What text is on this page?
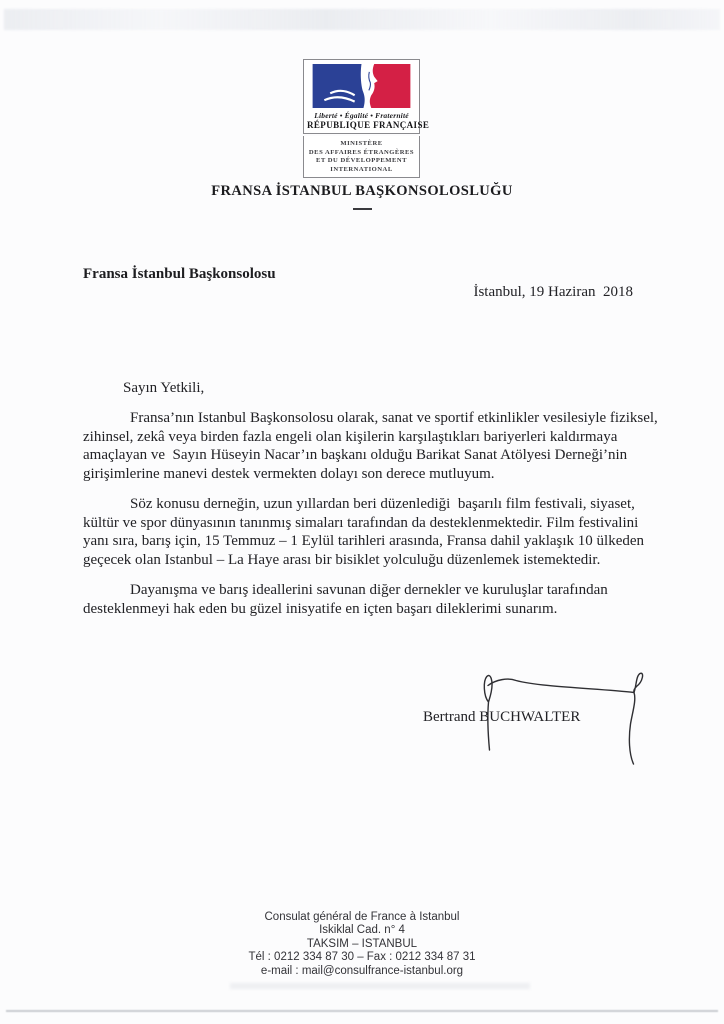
Liberté • Égalité • Fraternité
RÉPUBLIQUE FRANÇAISE
MINISTÈRE
DES AFFAIRES ÉTRANGÈRES
ET DU DÉVELOPPEMENT
INTERNATIONAL
FRANSA İSTANBUL BAŞKONSOLOSLUĞU
Fransa İstanbul Başkonsolosu
İstanbul, 19 Haziran  2018
Sayın Yetkili,

Fransa’nın Istanbul Başkonsolosu olarak, sanat ve sportif etkinlikler vesilesiyle fiziksel, zihinsel, zekâ veya birden fazla engeli olan kişilerin karşılaştıkları bariyerleri kaldırmaya amaçlayan ve  Sayın Hüseyin Nacar’ın başkanı olduğu Barikat Sanat Atölyesi Derneği’nin girişimlerine manevi destek vermekten dolayı son derece mutluyum.

Söz konusu derneğin, uzun yıllardan beri düzenlediği  başarılı film festivali, siyaset, kültür ve spor dünyasının tanınmış simaları tarafından da desteklenmektedir. Film festivalini yanı sıra, barış için, 15 Temmuz – 1 Eylül tarihleri arasında, Fransa dahil yaklaşık 10 ülkeden geçecek olan Istanbul – La Haye arası bir bisiklet yolculuğu düzenlemek istemektedir.

Dayanışma ve barış ideallerini savunan diğer dernekler ve kuruluşlar tarafından desteklenmeyi hak eden bu güzel inisyatife en içten başarı dileklerimi sunarım.

Bertrand BUCHWALTER
Consulat général de France à Istanbul
Iskiklal Cad. n° 4
TAKSIM – ISTANBUL
Tél : 0212 334 87 30 – Fax : 0212 334 87 31
e-mail : mail@consulfrance-istanbul.org
